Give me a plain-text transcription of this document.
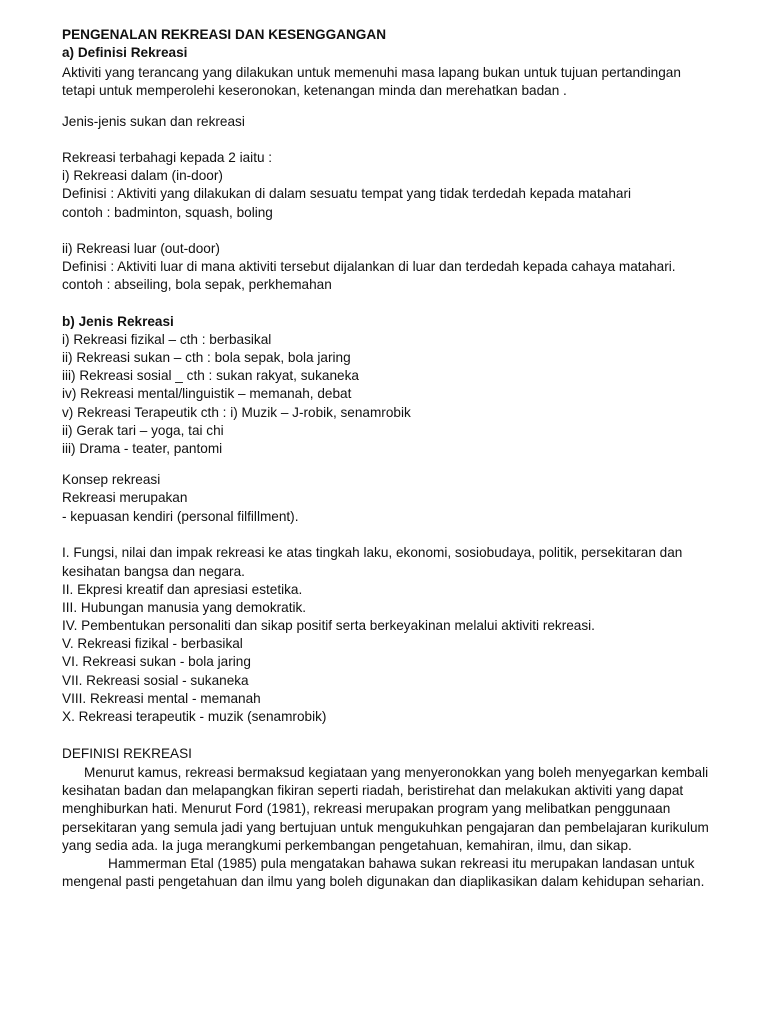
PENGENALAN REKREASI DAN KESENGGANGAN
a) Definisi Rekreasi
Aktiviti yang terancang yang dilakukan untuk memenuhi masa lapang bukan untuk tujuan pertandingan
tetapi untuk memperolehi keseronokan, ketenangan minda dan merehatkan badan .
Jenis-jenis sukan dan rekreasi
Rekreasi terbahagi kepada 2 iaitu :
i) Rekreasi dalam (in-door)
Definisi : Aktiviti yang dilakukan di dalam sesuatu tempat yang tidak terdedah kepada matahari
contoh : badminton, squash, boling
ii) Rekreasi luar (out-door)
Definisi : Aktiviti luar di mana aktiviti tersebut dijalankan di luar dan terdedah kepada cahaya matahari.
contoh : abseiling, bola sepak, perkhemahan
b) Jenis Rekreasi
i) Rekreasi fizikal – cth : berbasikal
ii) Rekreasi sukan – cth : bola sepak, bola jaring
iii) Rekreasi sosial _ cth : sukan rakyat, sukaneka
iv) Rekreasi mental/linguistik – memanah, debat
v) Rekreasi Terapeutik cth : i) Muzik – J-robik, senamrobik
ii) Gerak tari – yoga, tai chi
iii) Drama - teater, pantomi
Konsep rekreasi
Rekreasi merupakan
- kepuasan kendiri (personal filfillment).
I. Fungsi, nilai dan impak rekreasi ke atas tingkah laku, ekonomi, sosiobudaya, politik, persekitaran dan
kesihatan bangsa dan negara.
II. Ekpresi kreatif dan apresiasi estetika.
III. Hubungan manusia yang demokratik.
IV. Pembentukan personaliti dan sikap positif serta berkeyakinan melalui aktiviti rekreasi.
V. Rekreasi fizikal - berbasikal
VI. Rekreasi sukan - bola jaring
VII. Rekreasi sosial - sukaneka
VIII. Rekreasi mental - memanah
X. Rekreasi terapeutik - muzik (senamrobik)
DEFINISI REKREASI

Menurut kamus, rekreasi bermaksud kegiataan yang menyeronokkan yang boleh menyegarkan kembali kesihatan badan dan melapangkan fikiran seperti riadah, beristirehat dan melakukan aktiviti yang dapat menghiburkan hati. Menurut Ford (1981), rekreasi merupakan program yang melibatkan penggunaan persekitaran yang semula jadi yang bertujuan untuk mengukuhkan pengajaran dan pembelajaran kurikulum yang sedia ada. Ia juga merangkumi perkembangan pengetahuan, kemahiran, ilmu, dan sikap.

Hammerman Etal (1985) pula mengatakan bahawa sukan rekreasi itu merupakan landasan untuk mengenal pasti pengetahuan dan ilmu yang boleh digunakan dan diaplikasikan dalam kehidupan seharian.
